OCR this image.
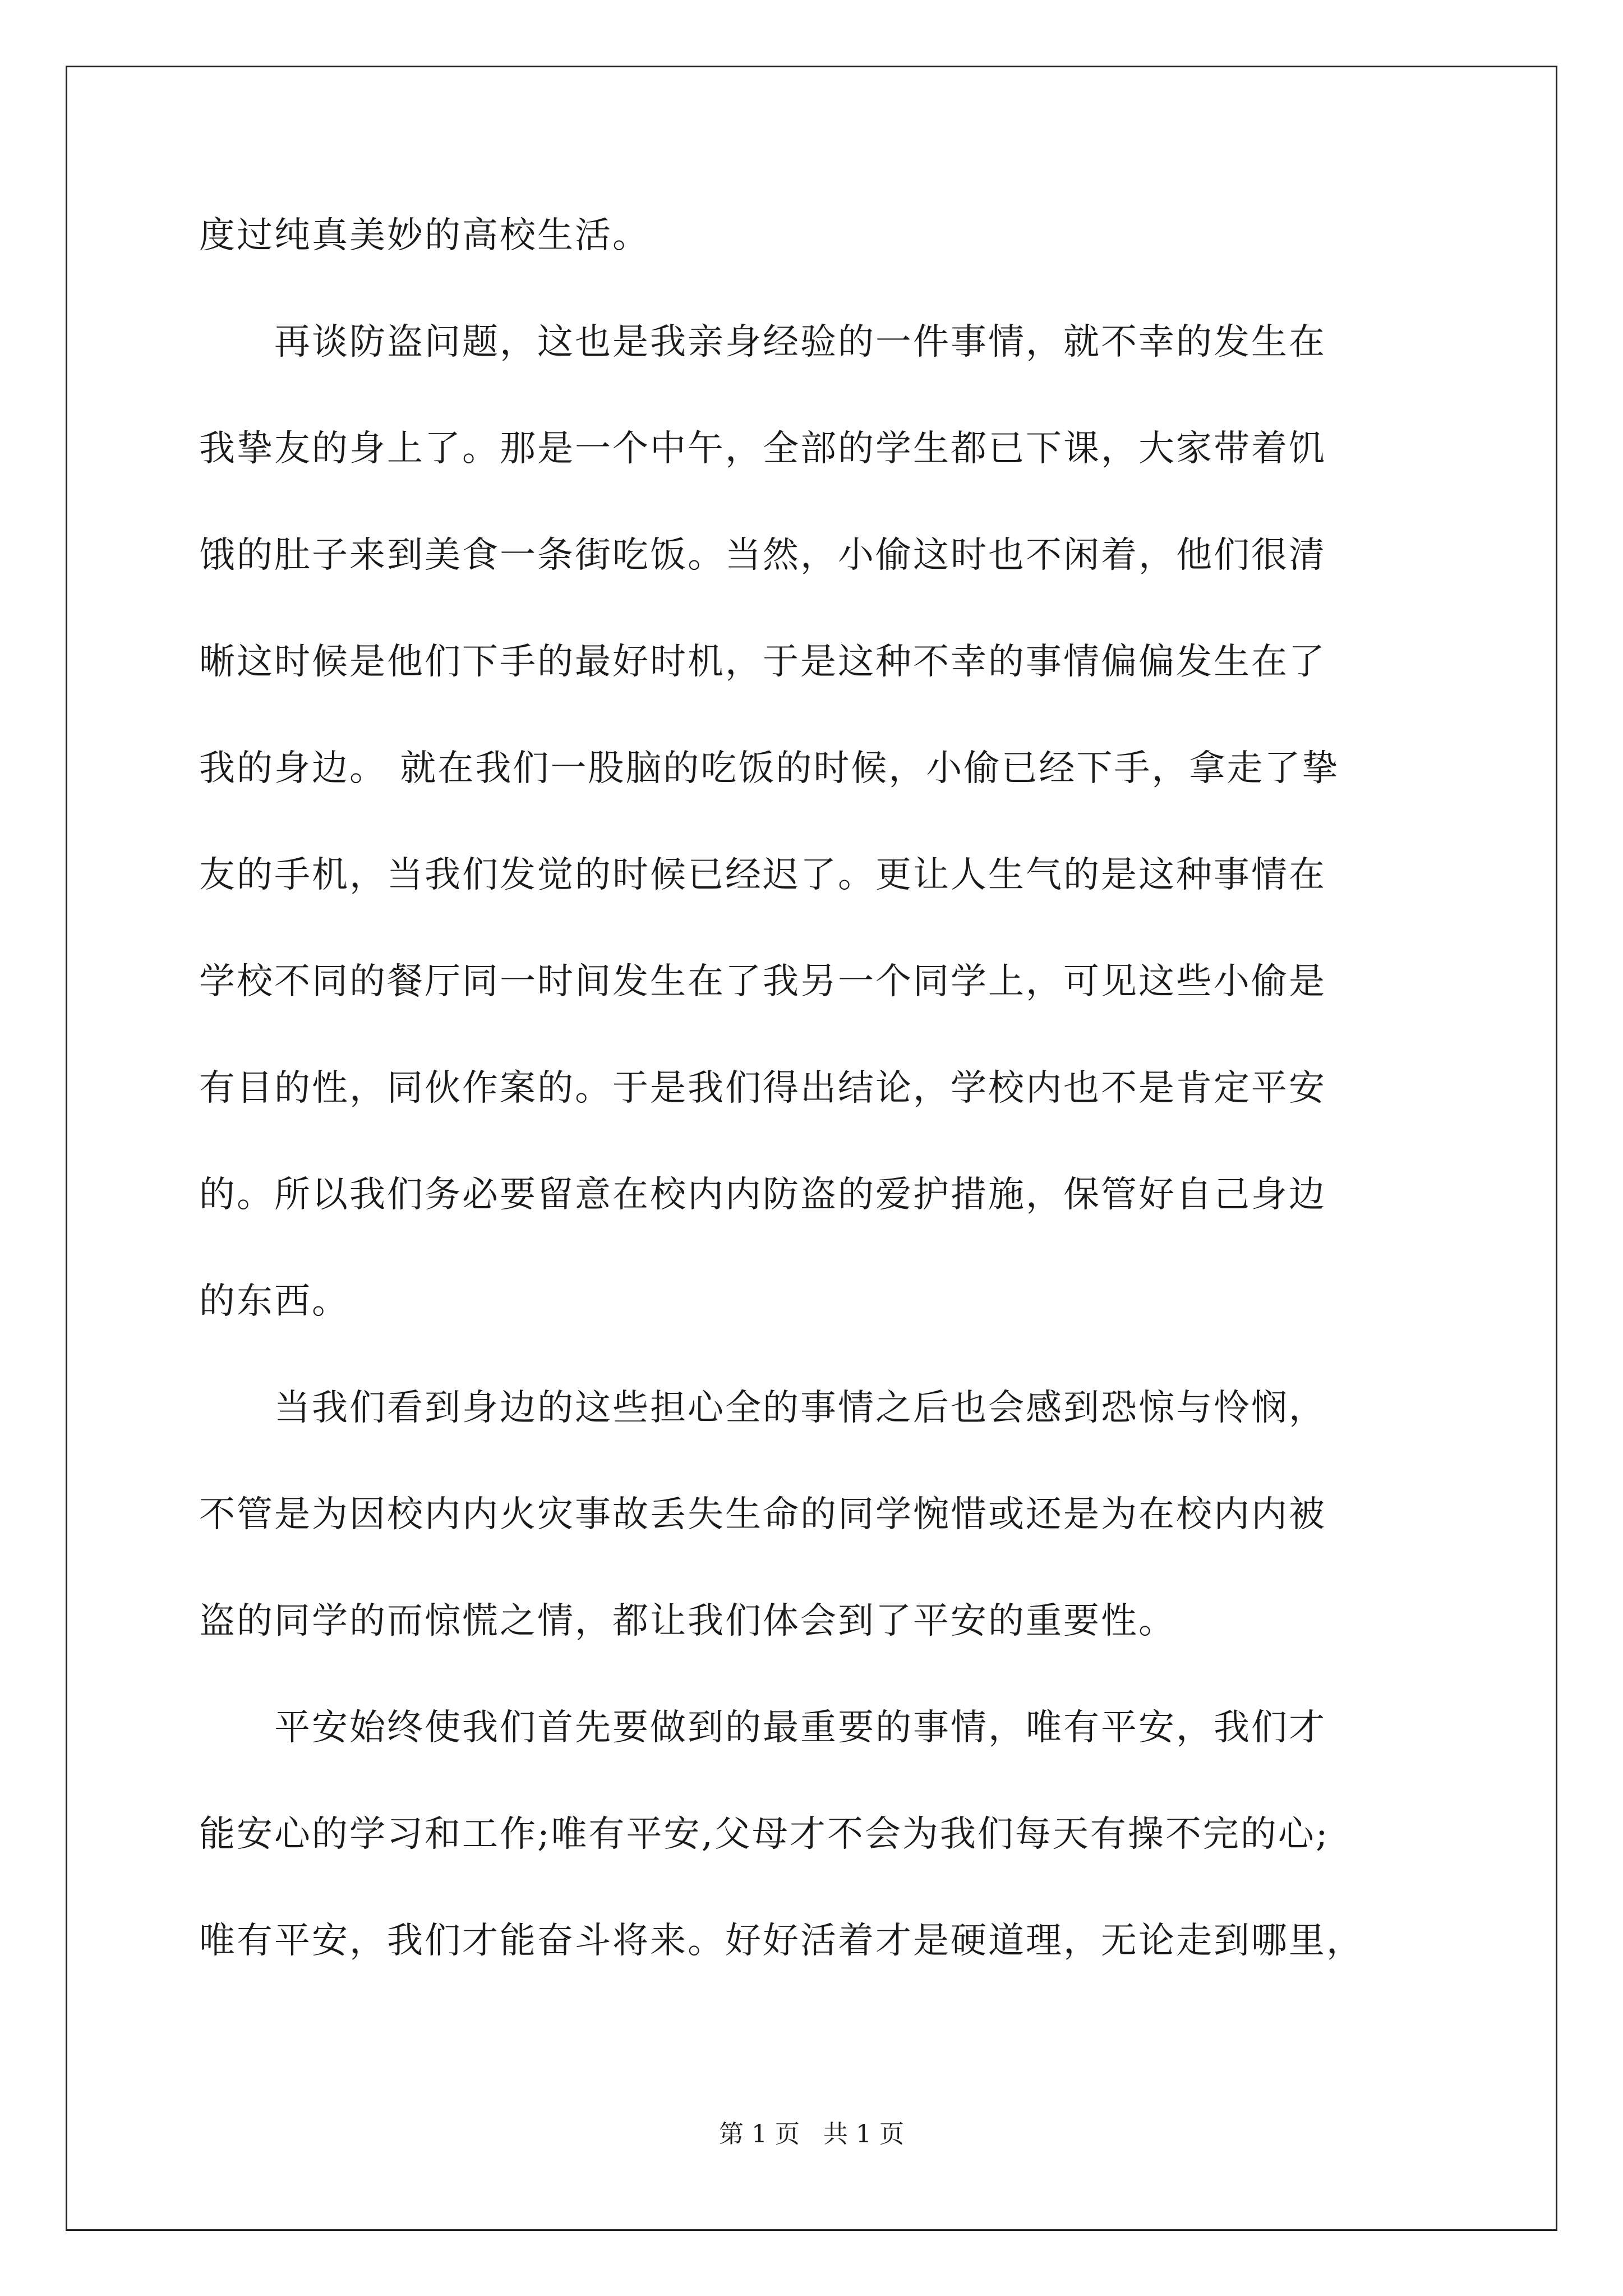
度过纯真美妙的高校生活。
　　再谈防盗问题，这也是我亲身经验的一件事情，就不幸的发生在
我挚友的身上了。那是一个中午，全部的学生都已下课，大家带着饥
饿的肚子来到美食一条街吃饭。当然，小偷这时也不闲着，他们很清
晰这时候是他们下手的最好时机，于是这种不幸的事情偏偏发生在了
我的身边。 就在我们一股脑的吃饭的时候，小偷已经下手，拿走了挚
友的手机，当我们发觉的时候已经迟了。更让人生气的是这种事情在
学校不同的餐厅同一时间发生在了我另一个同学上，可见这些小偷是
有目的性，同伙作案的。于是我们得出结论，学校内也不是肯定平安
的。所以我们务必要留意在校内内防盗的爱护措施，保管好自己身边
的东西。
　　当我们看到身边的这些担心全的事情之后也会感到恐惊与怜悯，
不管是为因校内内火灾事故丢失生命的同学惋惜或还是为在校内内被
盗的同学的而惊慌之情，都让我们体会到了平安的重要性。
　　平安始终使我们首先要做到的最重要的事情，唯有平安，我们才
能安心的学习和工作;唯有平安,父母才不会为我们每天有操不完的心;
唯有平安，我们才能奋斗将来。好好活着才是硬道理，无论走到哪里，
第 1 页   共 1 页
